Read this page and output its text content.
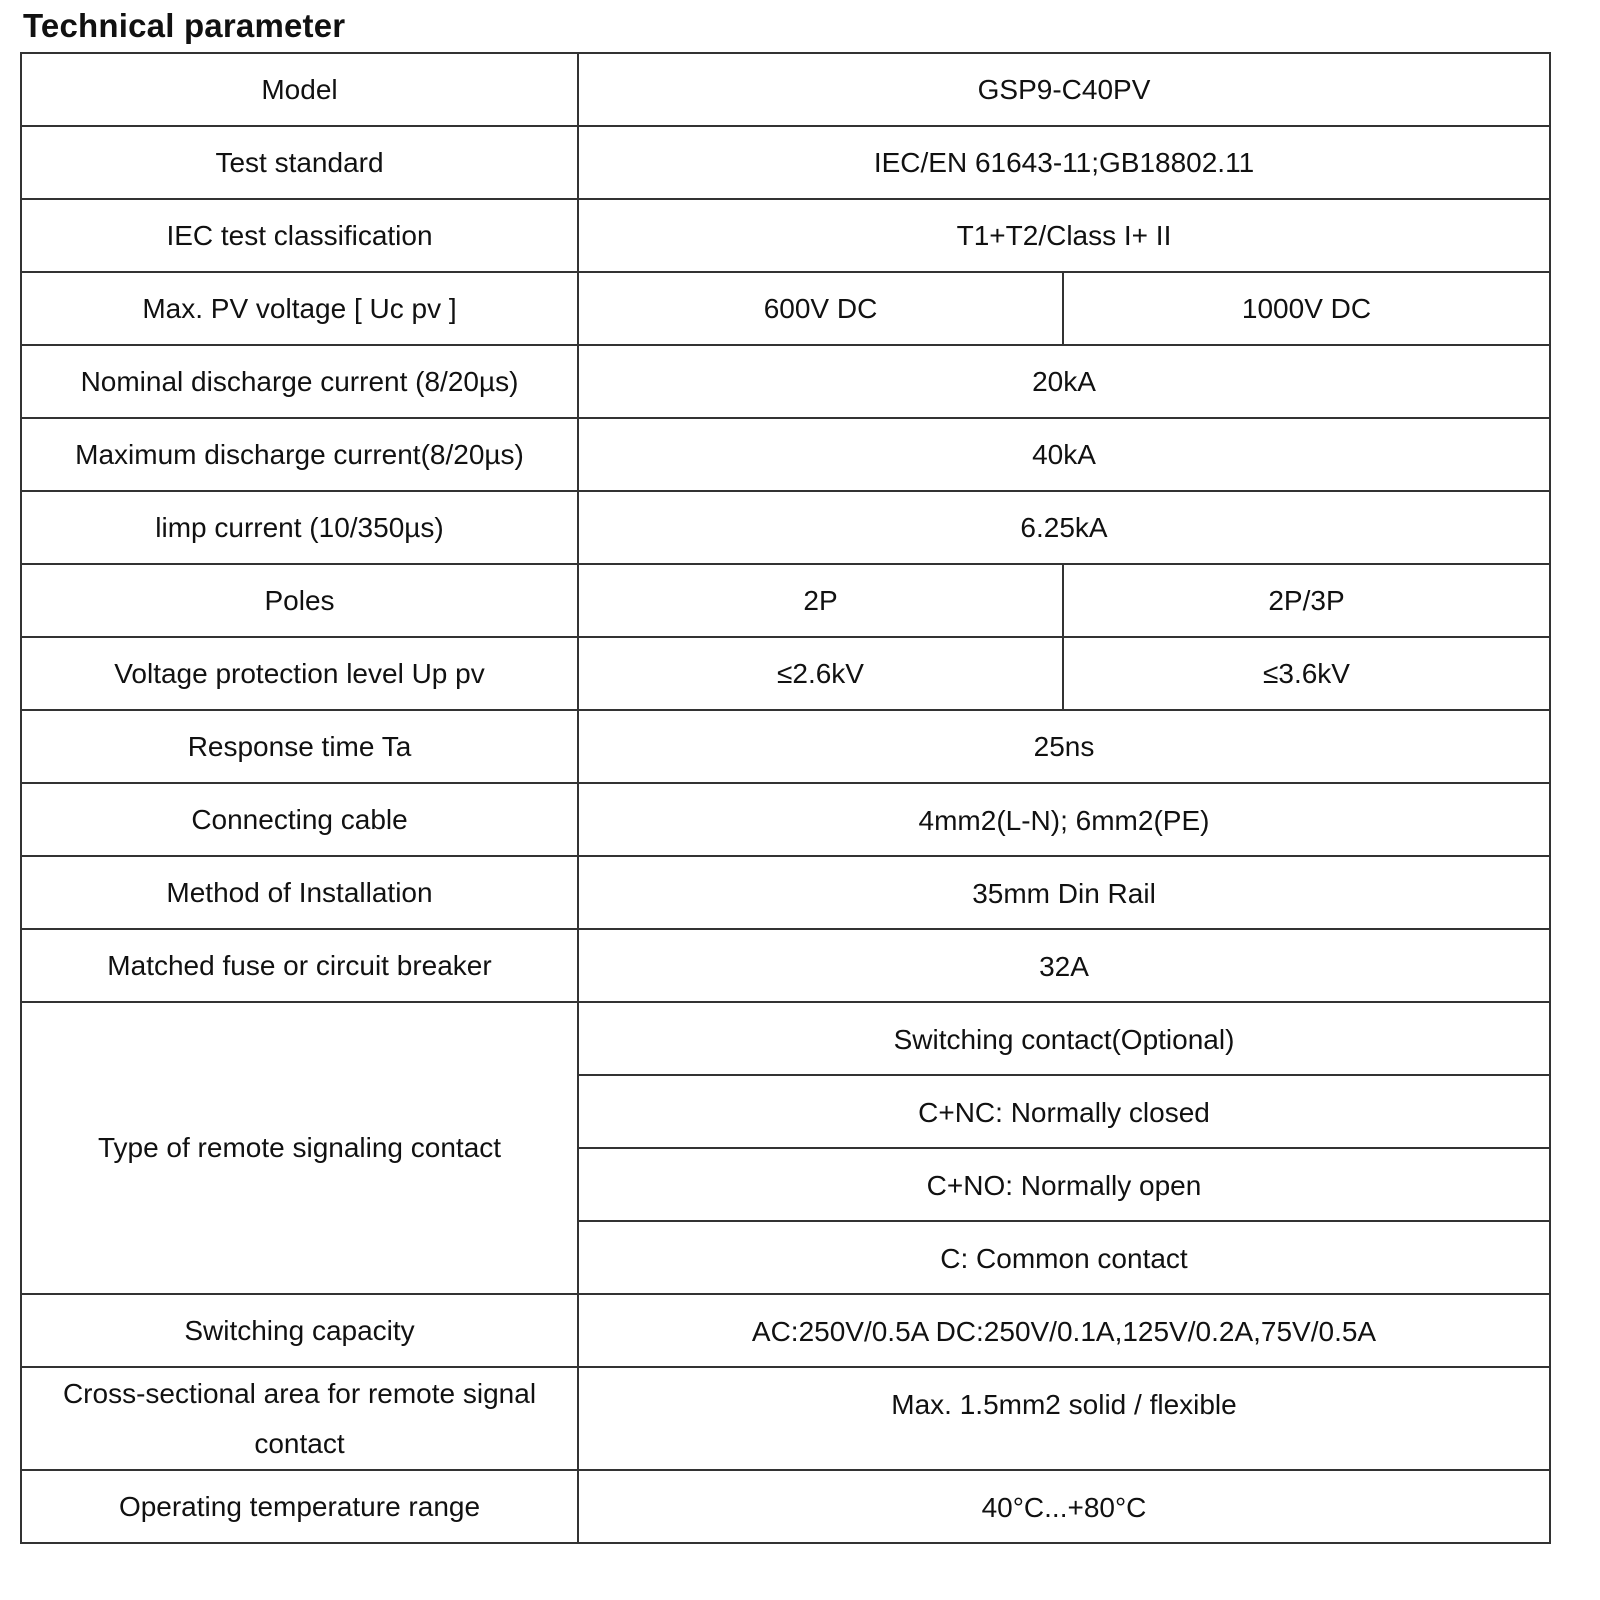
Technical parameter
Model	GSP9-C40PV	
Test standard	IEC/EN 61643-11;GB18802.11	
IEC test classification	T1+T2/Class I+ II	
Max. PV voltage [ Uc pv ]	600V DC	1000V DC
Nominal discharge current (8/20µs)	20kA	
Maximum discharge current(8/20µs)	40kA	
limp current (10/350µs)	6.25kA	
Poles	2P	2P/3P
Voltage protection level Up pv	≤2.6kV	≤3.6kV
Response time Ta	25ns	
Connecting cable	4mm2(L-N); 6mm2(PE)	
Method of Installation	35mm Din Rail	
Matched fuse or circuit breaker	32A	
Type of remote signaling contact	Switching contact(Optional)	
	C+NC: Normally closed	
	C+NO: Normally open	
	C: Common contact	
Switching capacity	AC:250V/0.5A DC:250V/0.1A,125V/0.2A,75V/0.5A	
Cross-sectional area for remote signal contact	Max. 1.5mm2 solid / flexible	
Operating temperature range	40°C...+80°C	
